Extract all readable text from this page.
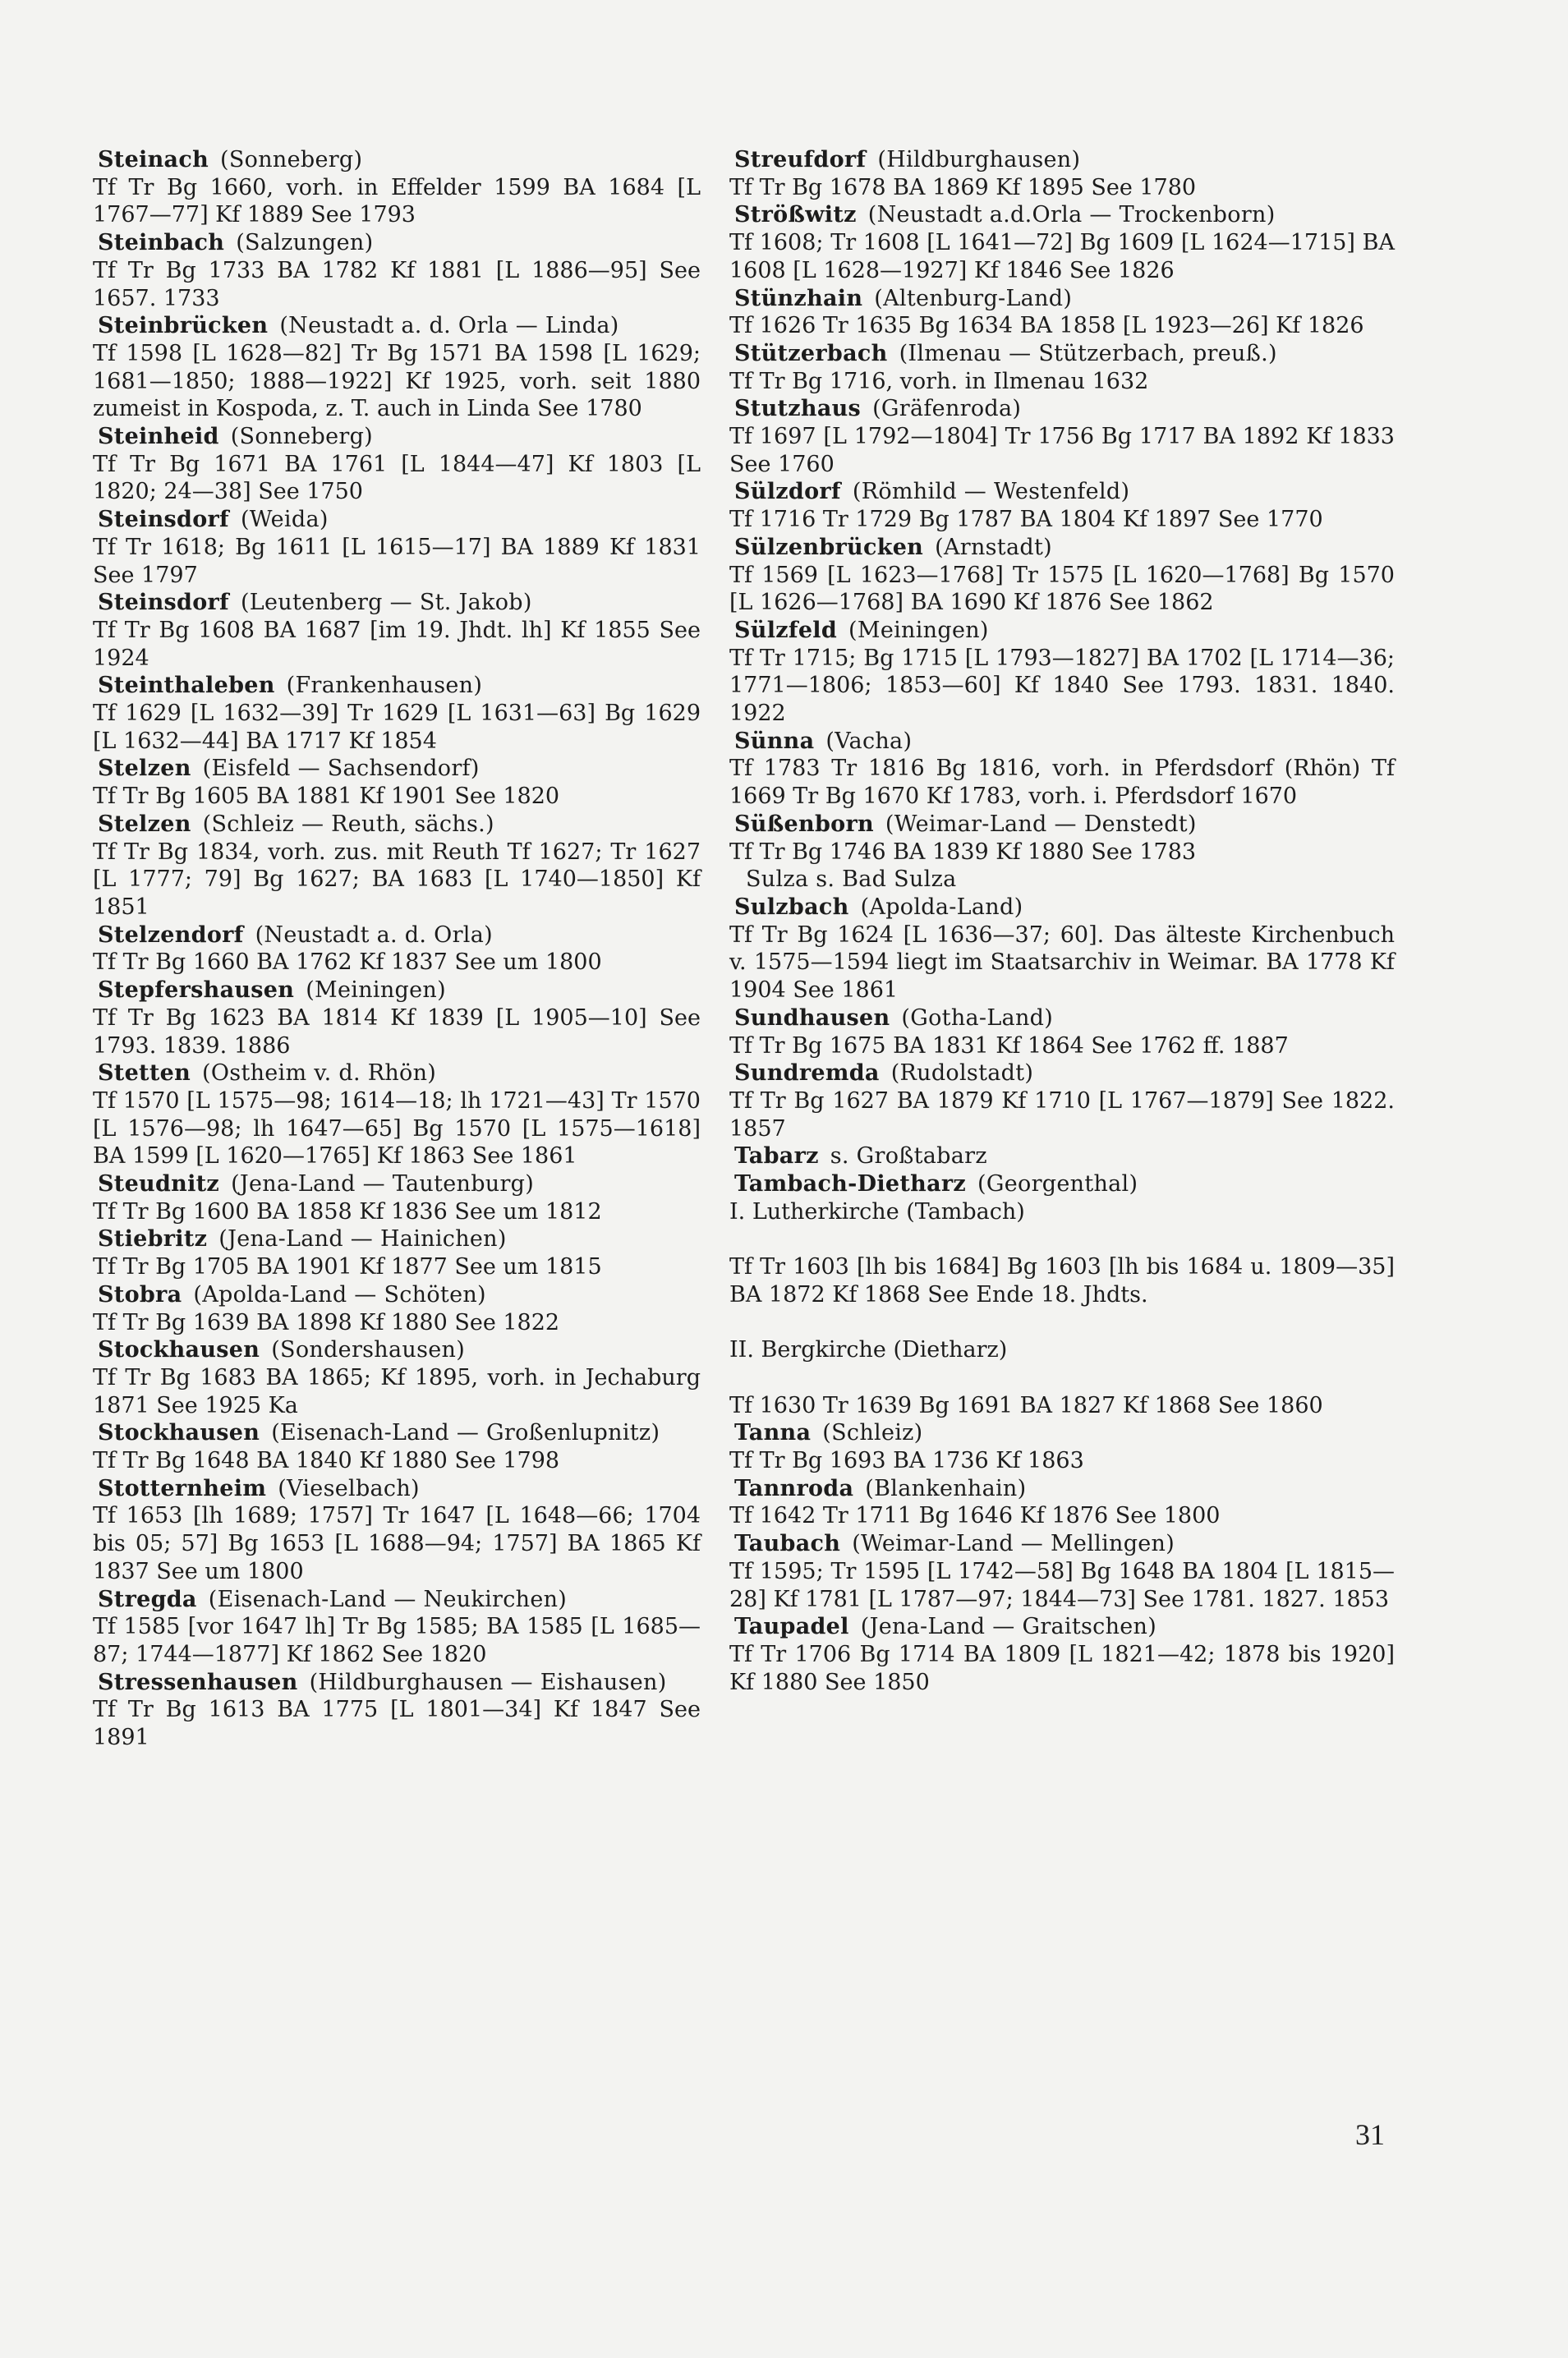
Steinach (Sonneberg)
Tf Tr Bg 1660, vorh. in Effelder 1599 BA 1684 [L 1767—77] Kf 1889 See 1793
Steinbach (Salzungen)
Tf Tr Bg 1733 BA 1782 Kf 1881 [L 1886—95] See 1657. 1733
Steinbrücken (Neustadt a. d. Orla — Linda)
Tf 1598 [L 1628—82] Tr Bg 1571 BA 1598 [L 1629; 1681—1850; 1888—1922] Kf 1925, vorh. seit 1880 zumeist in Kospoda, z. T. auch in Linda See 1780
Steinheid (Sonneberg)
Tf Tr Bg 1671 BA 1761 [L 1844—47] Kf 1803 [L 1820; 24—38] See 1750
Steinsdorf (Weida)
Tf Tr 1618; Bg 1611 [L 1615—17] BA 1889 Kf 1831 See 1797
Steinsdorf (Leutenberg — St. Jakob)
Tf Tr Bg 1608 BA 1687 [im 19. Jhdt. lh] Kf 1855 See 1924
Steinthaleben (Frankenhausen)
Tf 1629 [L 1632—39] Tr 1629 [L 1631—63] Bg 1629 [L 1632—44] BA 1717 Kf 1854
Stelzen (Eisfeld — Sachsendorf)
Tf Tr Bg 1605 BA 1881 Kf 1901 See 1820
Stelzen (Schleiz — Reuth, sächs.)
Tf Tr Bg 1834, vorh. zus. mit Reuth Tf 1627; Tr 1627 [L 1777; 79] Bg 1627; BA 1683 [L 1740—1850] Kf 1851
Stelzendorf (Neustadt a. d. Orla)
Tf Tr Bg 1660 BA 1762 Kf 1837 See um 1800
Stepfershausen (Meiningen)
Tf Tr Bg 1623 BA 1814 Kf 1839 [L 1905—10] See 1793. 1839. 1886
Stetten (Ostheim v. d. Rhön)
Tf 1570 [L 1575—98; 1614—18; lh 1721—43] Tr 1570 [L 1576—98; lh 1647—65] Bg 1570 [L 1575—1618] BA 1599 [L 1620—1765] Kf 1863 See 1861
Steudnitz (Jena-Land — Tautenburg)
Tf Tr Bg 1600 BA 1858 Kf 1836 See um 1812
Stiebritz (Jena-Land — Hainichen)
Tf Tr Bg 1705 BA 1901 Kf 1877 See um 1815
Stobra (Apolda-Land — Schöten)
Tf Tr Bg 1639 BA 1898 Kf 1880 See 1822
Stockhausen (Sondershausen)
Tf Tr Bg 1683 BA 1865; Kf 1895, vorh. in Jechaburg 1871 See 1925 Ka
Stockhausen (Eisenach-Land — Großenlupnitz)
Tf Tr Bg 1648 BA 1840 Kf 1880 See 1798
Stotternheim (Vieselbach)
Tf 1653 [lh 1689; 1757] Tr 1647 [L 1648—66; 1704 bis 05; 57] Bg 1653 [L 1688—94; 1757] BA 1865 Kf 1837 See um 1800
Stregda (Eisenach-Land — Neukirchen)
Tf 1585 [vor 1647 lh] Tr Bg 1585; BA 1585 [L 1685—87; 1744—1877] Kf 1862 See 1820
Stressenhausen (Hildburghausen — Eishausen)
Tf Tr Bg 1613 BA 1775 [L 1801—34] Kf 1847 See 1891
Streufdorf (Hildburghausen)
Tf Tr Bg 1678 BA 1869 Kf 1895 See 1780
Strößwitz (Neustadt a.d.Orla — Trockenborn)
Tf 1608; Tr 1608 [L 1641—72] Bg 1609 [L 1624—1715] BA 1608 [L 1628—1927] Kf 1846 See 1826
Stünzhain (Altenburg-Land)
Tf 1626 Tr 1635 Bg 1634 BA 1858 [L 1923—26] Kf 1826
Stützerbach (Ilmenau — Stützerbach, preuß.)
Tf Tr Bg 1716, vorh. in Ilmenau 1632
Stutzhaus (Gräfenroda)
Tf 1697 [L 1792—1804] Tr 1756 Bg 1717 BA 1892 Kf 1833 See 1760
Sülzdorf (Römhild — Westenfeld)
Tf 1716 Tr 1729 Bg 1787 BA 1804 Kf 1897 See 1770
Sülzenbrücken (Arnstadt)
Tf 1569 [L 1623—1768] Tr 1575 [L 1620—1768] Bg 1570 [L 1626—1768] BA 1690 Kf 1876 See 1862
Sülzfeld (Meiningen)
Tf Tr 1715; Bg 1715 [L 1793—1827] BA 1702 [L 1714—36; 1771—1806; 1853—60] Kf 1840 See 1793. 1831. 1840. 1922
Sünna (Vacha)
Tf 1783 Tr 1816 Bg 1816, vorh. in Pferdsdorf (Rhön) Tf 1669 Tr Bg 1670 Kf 1783, vorh. i. Pferdsdorf 1670
Süßenborn (Weimar-Land — Denstedt)
Tf Tr Bg 1746 BA 1839 Kf 1880 See 1783
Sulza s. Bad Sulza
Sulzbach (Apolda-Land)
Tf Tr Bg 1624 [L 1636—37; 60]. Das älteste Kirchenbuch v. 1575—1594 liegt im Staatsarchiv in Weimar. BA 1778 Kf 1904 See 1861
Sundhausen (Gotha-Land)
Tf Tr Bg 1675 BA 1831 Kf 1864 See 1762 ff. 1887
Sundremda (Rudolstadt)
Tf Tr Bg 1627 BA 1879 Kf 1710 [L 1767—1879] See 1822. 1857
Tabarz s. Großtabarz
Tambach-Dietharz (Georgenthal)
I. Lutherkirche (Tambach)
Tf Tr 1603 [lh bis 1684] Bg 1603 [lh bis 1684 u. 1809—35] BA 1872 Kf 1868 See Ende 18. Jhdts.
II. Bergkirche (Dietharz)
Tf 1630 Tr 1639 Bg 1691 BA 1827 Kf 1868 See 1860
Tanna (Schleiz)
Tf Tr Bg 1693 BA 1736 Kf 1863
Tannroda (Blankenhain)
Tf 1642 Tr 1711 Bg 1646 Kf 1876 See 1800
Taubach (Weimar-Land — Mellingen)
Tf 1595; Tr 1595 [L 1742—58] Bg 1648 BA 1804 [L 1815—28] Kf 1781 [L 1787—97; 1844—73] See 1781. 1827. 1853
Taupadel (Jena-Land — Graitschen)
Tf Tr 1706 Bg 1714 BA 1809 [L 1821—42; 1878 bis 1920] Kf 1880 See 1850
31
